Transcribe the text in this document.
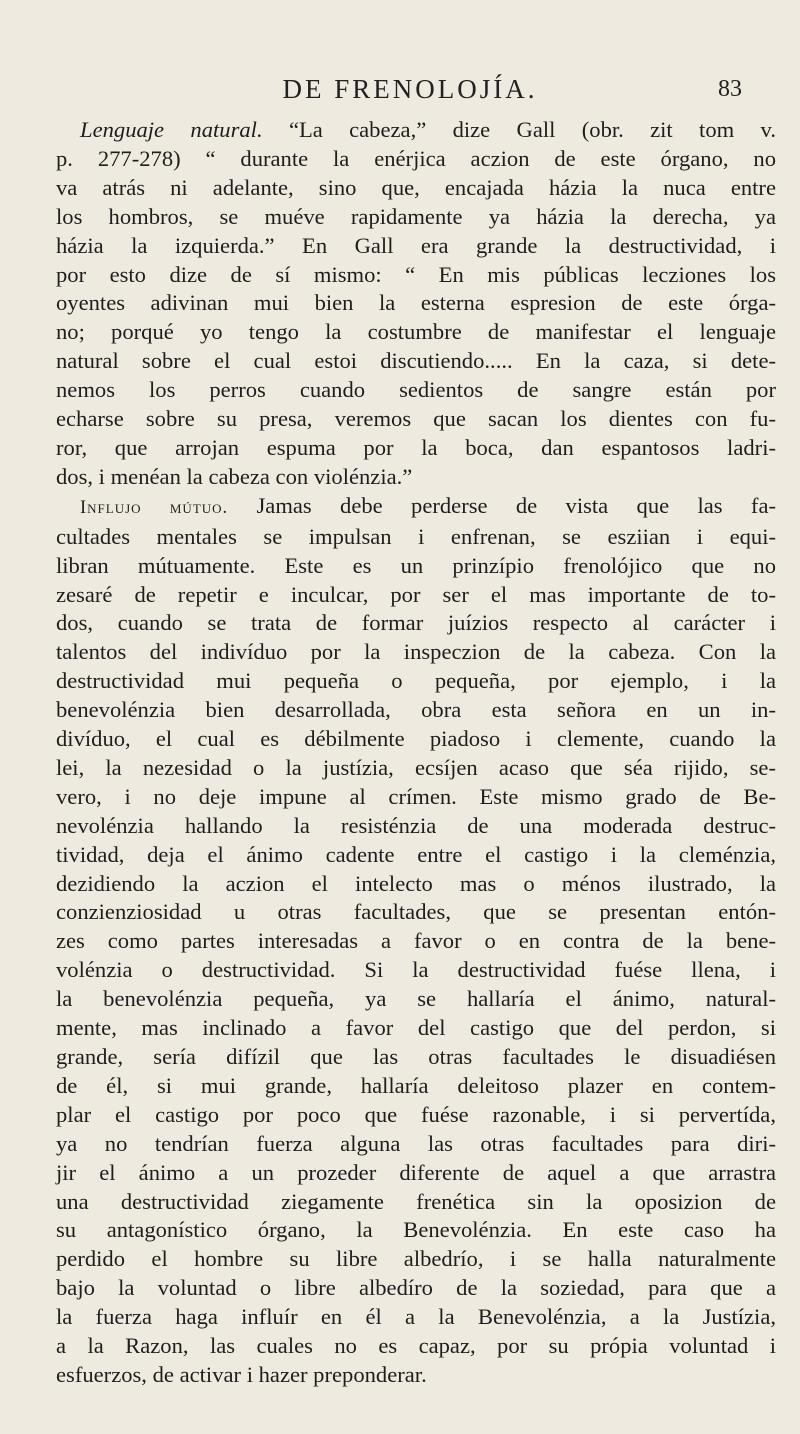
DE FRENOLOJÍA.	83
Lenguaje natural. “La cabeza,” dize Gall (obr. zit tom v.
p. 277-278) “ durante la enérjica aczion de este órgano, no
va atrás ni adelante, sino que, encajada házia la nuca entre
los hombros, se muéve rapidamente ya házia la derecha, ya
házia la izquierda.” En Gall era grande la destructividad, i
por esto dize de sí mismo: “ En mis públicas lecziones los
oyentes adivinan mui bien la esterna espresion de este órga-
no; porqué yo tengo la costumbre de manifestar el lenguaje
natural sobre el cual estoi discutiendo..... En la caza, si dete-
nemos los perros cuando sedientos de sangre están por
echarse sobre su presa, veremos que sacan los dientes con fu-
ror, que arrojan espuma por la boca, dan espantosos ladri-
dos, i menéan la cabeza con violénzia.”
Influjo mútuo. Jamas debe perderse de vista que las fa-
cultades mentales se impulsan i enfrenan, se esziian i equi-
libran mútuamente. Este es un prinzípio frenolójico que no
zesaré de repetir e inculcar, por ser el mas importante de to-
dos, cuando se trata de formar juízios respecto al carácter i
talentos del indivíduo por la inspeczion de la cabeza. Con la
destructividad mui pequeña o pequeña, por ejemplo, i la
benevolénzia bien desarrollada, obra esta señora en un in-
divíduo, el cual es débilmente piadoso i clemente, cuando la
lei, la nezesidad o la justízia, ecsíjen acaso que séa rijido, se-
vero, i no deje impune al crímen. Este mismo grado de Be-
nevolénzia hallando la resisténzia de una moderada destruc-
tividad, deja el ánimo cadente entre el castigo i la cleménzia,
dezidiendo la aczion el intelecto mas o ménos ilustrado, la
conzienziosidad u otras facultades, que se presentan entón-
zes como partes interesadas a favor o en contra de la bene-
volénzia o destructividad. Si la destructividad fuése llena, i
la benevolénzia pequeña, ya se hallaría el ánimo, natural-
mente, mas inclinado a favor del castigo que del perdon, si
grande, sería difízil que las otras facultades le disuadiésen
de él, si mui grande, hallaría deleitoso plazer en contem-
plar el castigo por poco que fuése razonable, i si pervertída,
ya no tendrían fuerza alguna las otras facultades para diri-
jir el ánimo a un prozeder diferente de aquel a que arrastra
una destructividad ziegamente frenética sin la oposizion de
su antagonístico órgano, la Benevolénzia. En este caso ha
perdido el hombre su libre albedrío, i se halla naturalmente
bajo la voluntad o libre albedíro de la soziedad, para que a
la fuerza haga influír en él a la Benevolénzia, a la Justízia,
a la Razon, las cuales no es capaz, por su própia voluntad i
esfuerzos, de activar i hazer preponderar.
